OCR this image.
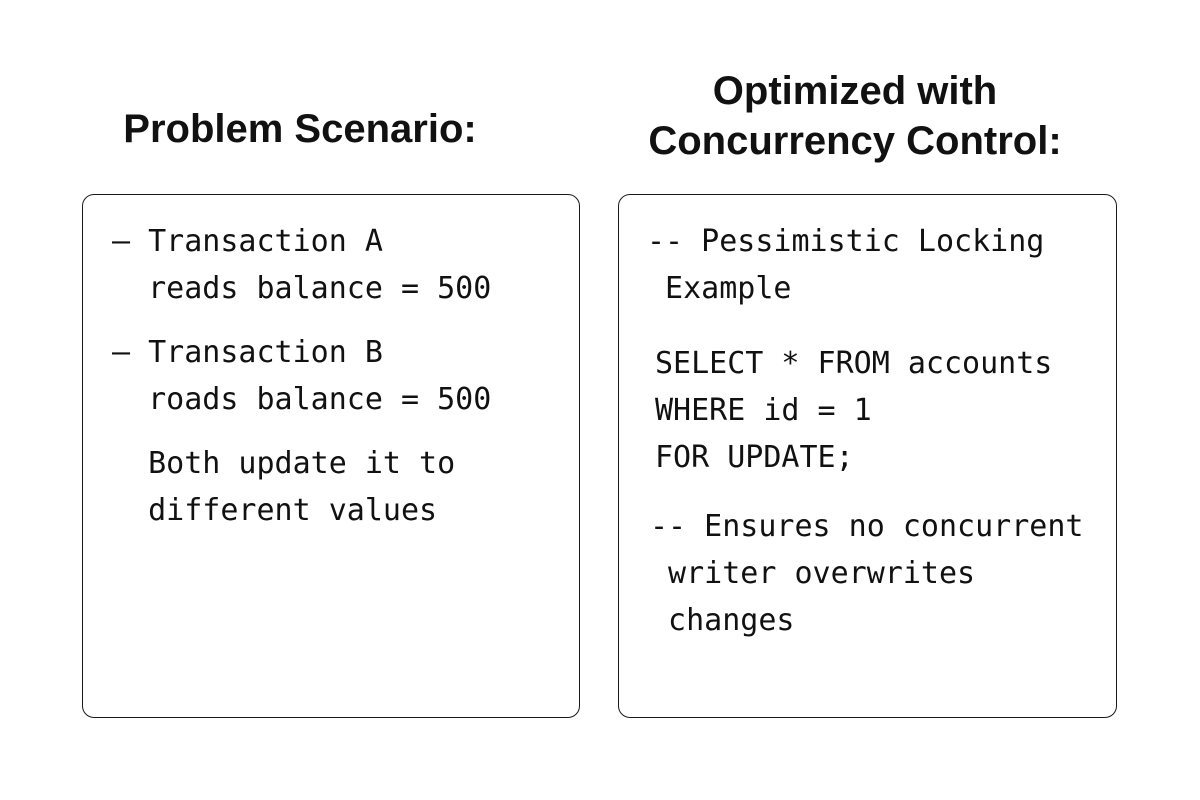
Problem Scenario:
Optimized with
Concurrency Control:
– Transaction A
reads balance = 500
– Transaction B
roads balance = 500
Both update it to
different values
-- Pessimistic Locking
Example
SELECT * FROM accounts
WHERE id = 1
FOR UPDATE;
-- Ensures no concurrent
writer overwrites
changes
